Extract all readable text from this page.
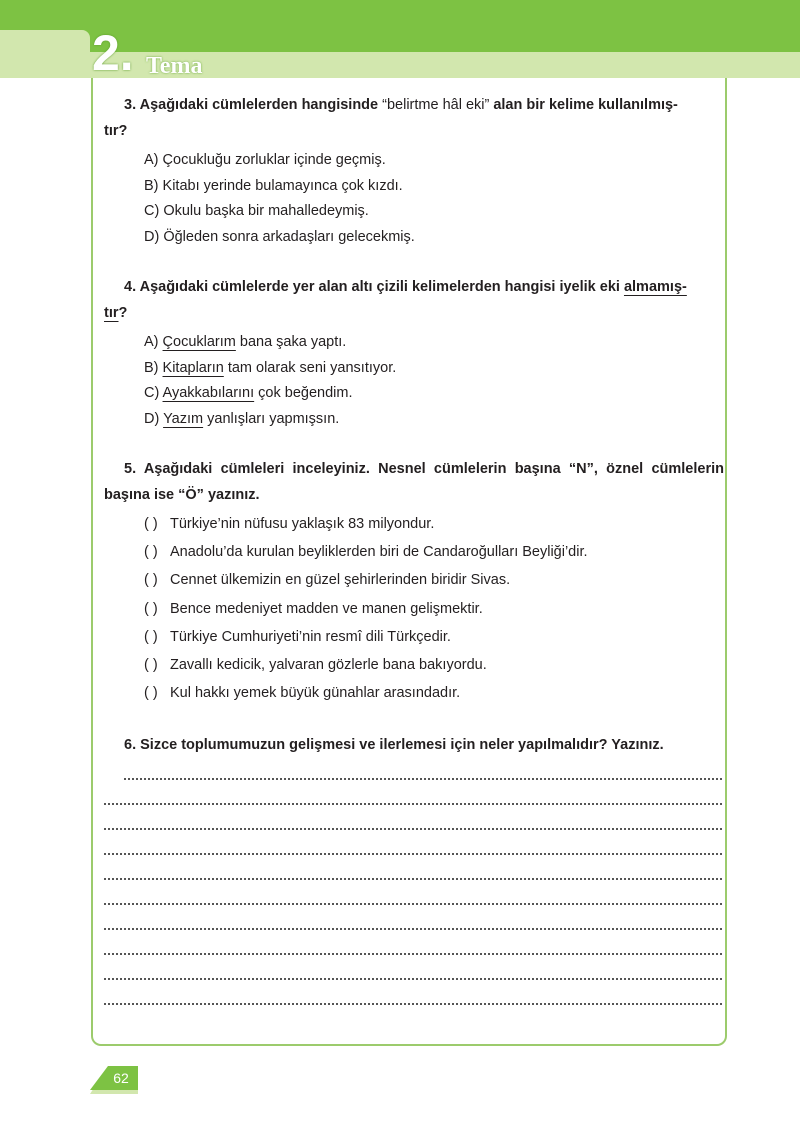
2. Tema
3. Aşağıdaki cümlelerden hangisinde “belirtme hâl eki” alan bir kelime kullanılmış-
tır?
A) Çocukluğu zorluklar içinde geçmiş.
B) Kitabı yerinde bulamayınca çok kızdı.
C) Okulu başka bir mahalledeymiş.
D) Öğleden sonra arkadaşları gelecekmiş.
4. Aşağıdaki cümlelerde yer alan altı çizili kelimelerden hangisi iyelik eki almamış-
tır?
A) Çocuklarım bana şaka yaptı.
B) Kitapların tam olarak seni yansıtıyor.
C) Ayakkabılarını çok beğendim.
D) Yazım yanlışları yapmışsın.
5. Aşağıdaki cümleleri inceleyiniz. Nesnel cümlelerin başına “N”, öznel cümlelerin başına ise “Ö” yazınız.
( ) Türkiye’nin nüfusu yaklaşık 83 milyondur.
( ) Anadolu’da kurulan beyliklerden biri de Candaroğulları Beyliği’dir.
( ) Cennet ülkemizin en güzel şehirlerinden biridir Sivas.
( ) Bence medeniyet madden ve manen gelişmektir.
( ) Türkiye Cumhuriyeti’nin resmî dili Türkçedir.
( ) Zavallı kedicik, yalvaran gözlerle bana bakıyordu.
( ) Kul hakkı yemek büyük günahlar arasındadır.
6. Sizce toplumumuzun gelişmesi ve ilerlemesi için neler yapılmalıdır? Yazınız.
62
